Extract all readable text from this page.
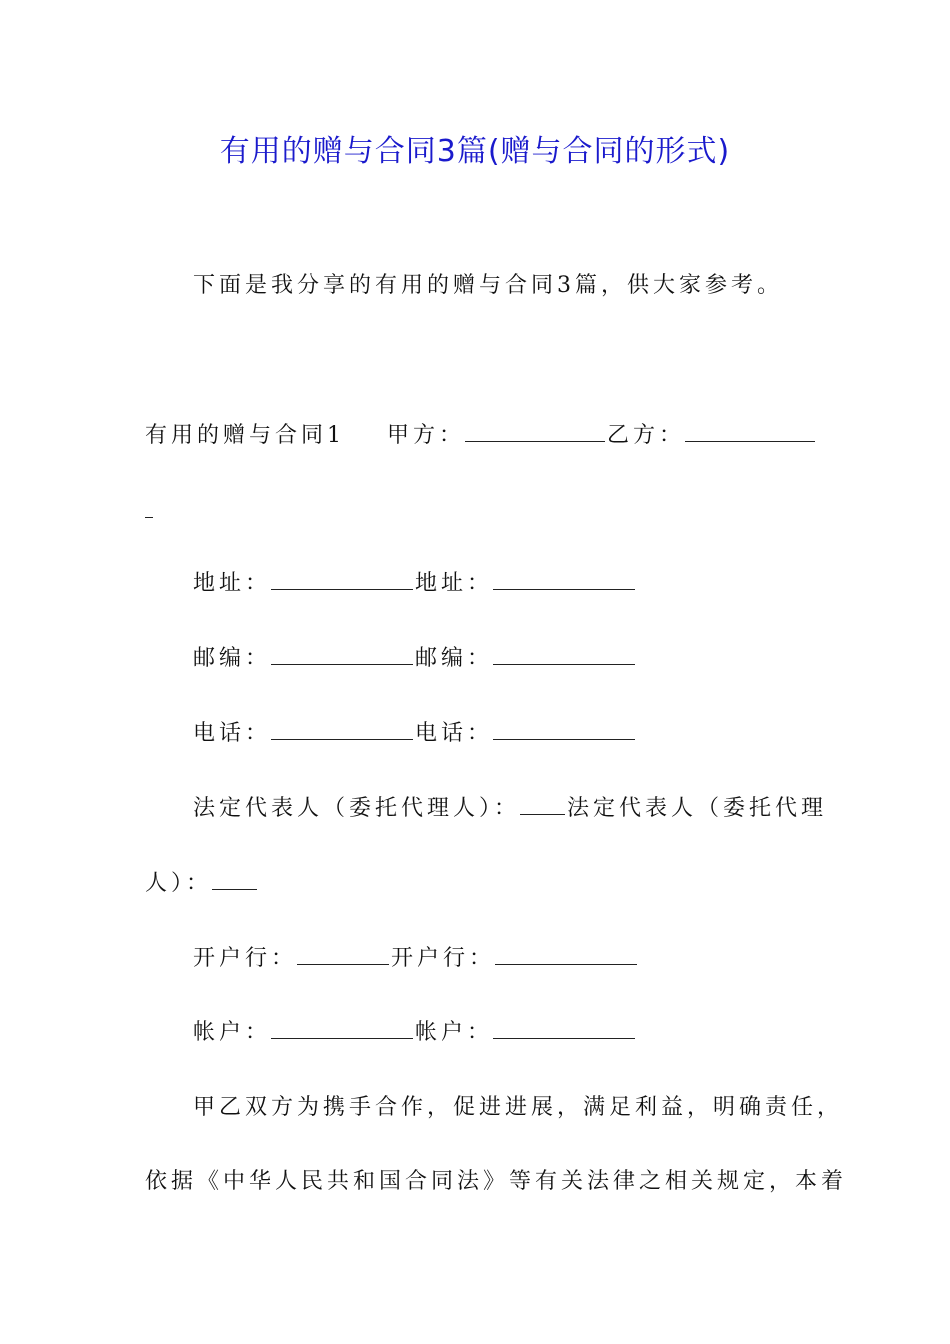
有用的赠与合同3篇(赠与合同的形式)
下面是我分享的有用的赠与合同3篇，供大家参考。
有用的赠与合同1 甲方：	乙方：
地址：	地址：
邮编：	邮编：
电话：	电话：
法定代表人（委托代理人）： 法定代表人（委托代理
人）：
开户行：	开户行：
帐户：	帐户：
甲乙双方为携手合作，促进进展，满足利益，明确责任，
依据《中华人民共和国合同法》等有关法律之相关规定，本着
